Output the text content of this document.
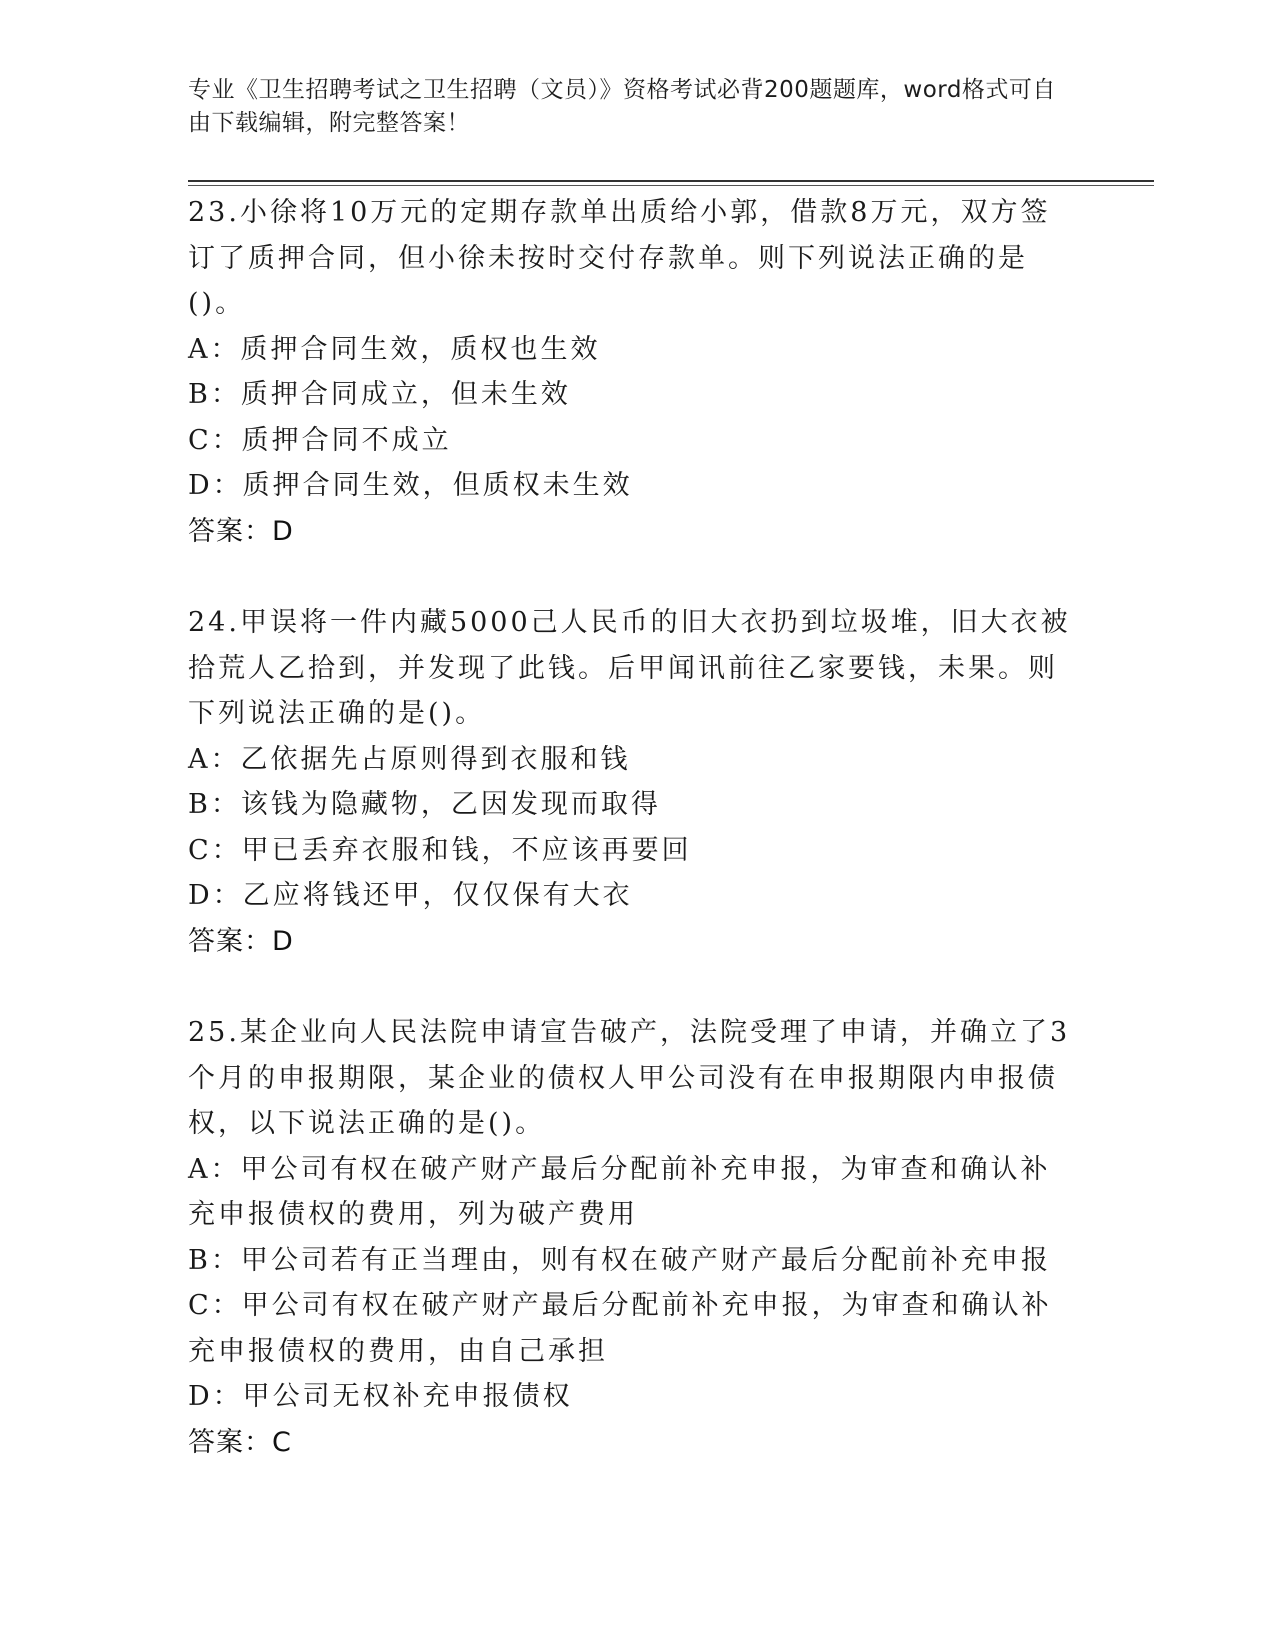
专业《卫生招聘考试之卫生招聘（文员）》资格考试必背200题题库，word格式可自由下载编辑，附完整答案！
23.小徐将10万元的定期存款单出质给小郭，借款8万元，双方签订了质押合同，但小徐未按时交付存款单。则下列说法正确的是()。
A：质押合同生效，质权也生效
B：质押合同成立，但未生效
C：质押合同不成立
D：质押合同生效，但质权未生效
答案：D
24.甲误将一件内藏5000己人民币的旧大衣扔到垃圾堆，旧大衣被拾荒人乙拾到，并发现了此钱。后甲闻讯前往乙家要钱，未果。则下列说法正确的是()。
A：乙依据先占原则得到衣服和钱
B：该钱为隐藏物，乙因发现而取得
C：甲已丢弃衣服和钱，不应该再要回
D：乙应将钱还甲，仅仅保有大衣
答案：D
25.某企业向人民法院申请宣告破产，法院受理了申请，并确立了3个月的申报期限，某企业的债权人甲公司没有在申报期限内申报债权，以下说法正确的是()。
A：甲公司有权在破产财产最后分配前补充申报，为审查和确认补充申报债权的费用，列为破产费用
B：甲公司若有正当理由，则有权在破产财产最后分配前补充申报
C：甲公司有权在破产财产最后分配前补充申报，为审查和确认补充申报债权的费用，由自己承担
D：甲公司无权补充申报债权
答案：C
